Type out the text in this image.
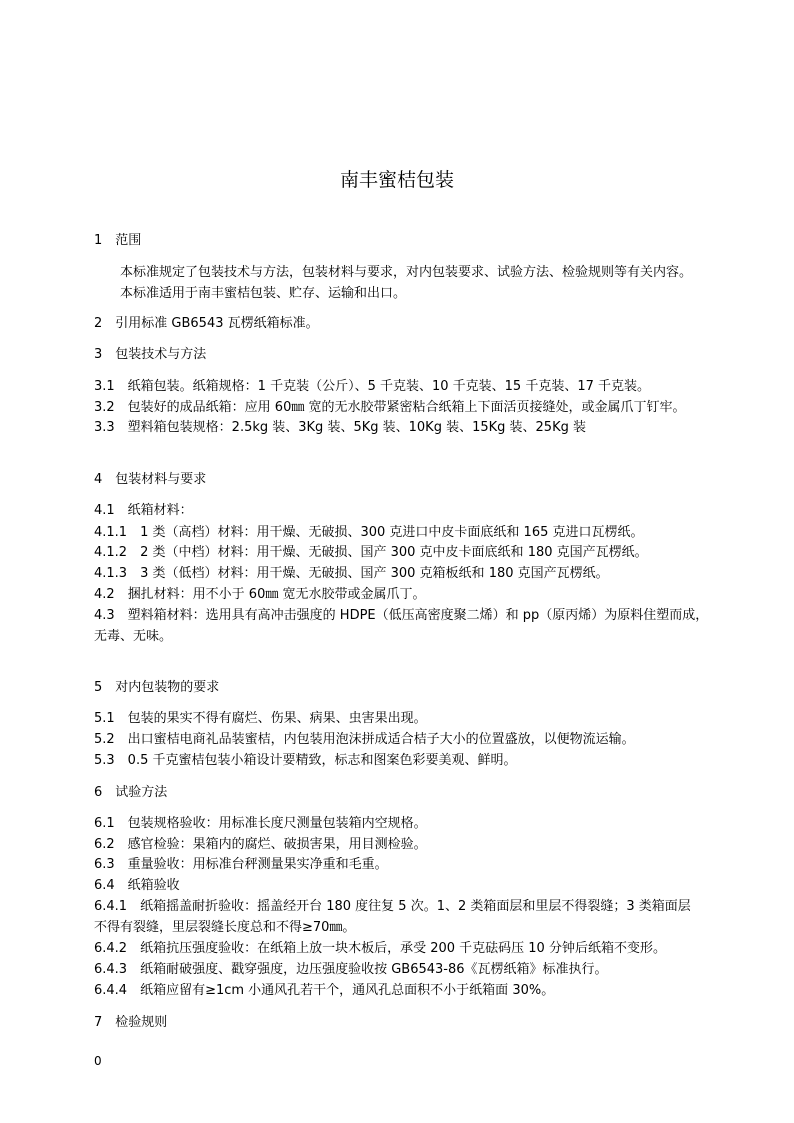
南丰蜜桔包装
1　范围
本标准规定了包装技术与方法，包装材料与要求，对内包装要求、试验方法、检验规则等有关内容。
本标准适用于南丰蜜桔包装、贮存、运输和出口。
2　引用标准 GB6543 瓦楞纸箱标准。
3　包装技术与方法
3.1　纸箱包装。纸箱规格：1 千克装（公斤）、5 千克装、10 千克装、15 千克装、17 千克装。
3.2　包装好的成品纸箱：应用 60㎜ 宽的无水胶带紧密粘合纸箱上下面活页接缝处，或金属爪丁钉牢。
3.3　塑料箱包装规格：2.5kg 装、3Kg 装、5Kg 装、10Kg 装、15Kg 装、25Kg 装
4　包装材料与要求
4.1　纸箱材料：
4.1.1　1 类（高档）材料：用干燥、无破损、300 克进口中皮卡面底纸和 165 克进口瓦楞纸。
4.1.2　2 类（中档）材料：用干燥、无破损、国产 300 克中皮卡面底纸和 180 克国产瓦楞纸。
4.1.3　3 类（低档）材料：用干燥、无破损、国产 300 克箱板纸和 180 克国产瓦楞纸。
4.2　捆扎材料：用不小于 60㎜ 宽无水胶带或金属爪丁。
4.3　塑料箱材料：选用具有高冲击强度的 HDPE（低压高密度聚二烯）和 pp（原丙烯）为原料住塑而成，
无毒、无味。
5　对内包装物的要求
5.1　包装的果实不得有腐烂、伤果、病果、虫害果出现。
5.2　出口蜜桔电商礼品装蜜桔，内包装用泡沫拼成适合桔子大小的位置盛放，以便物流运输。
5.3　0.5 千克蜜桔包装小箱设计要精致，标志和图案色彩要美观、鲜明。
6　试验方法
6.1　包装规格验收：用标准长度尺测量包装箱内空规格。
6.2　感官检验：果箱内的腐烂、破损害果，用目测检验。
6.3　重量验收：用标准台秤测量果实净重和毛重。
6.4　纸箱验收
6.4.1　纸箱摇盖耐折验收：摇盖经开台 180 度往复 5 次。1、2 类箱面层和里层不得裂缝；3 类箱面层
不得有裂缝，里层裂缝长度总和不得≥70㎜。
6.4.2　纸箱抗压强度验收：在纸箱上放一块木板后，承受 200 千克砝码压 10 分钟后纸箱不变形。
6.4.3　纸箱耐破强度、戳穿强度，边压强度验收按 GB6543-86《瓦楞纸箱》标准执行。
6.4.4　纸箱应留有≥1cm 小通风孔若干个，通风孔总面积不小于纸箱面 30%。
7　检验规则
0
